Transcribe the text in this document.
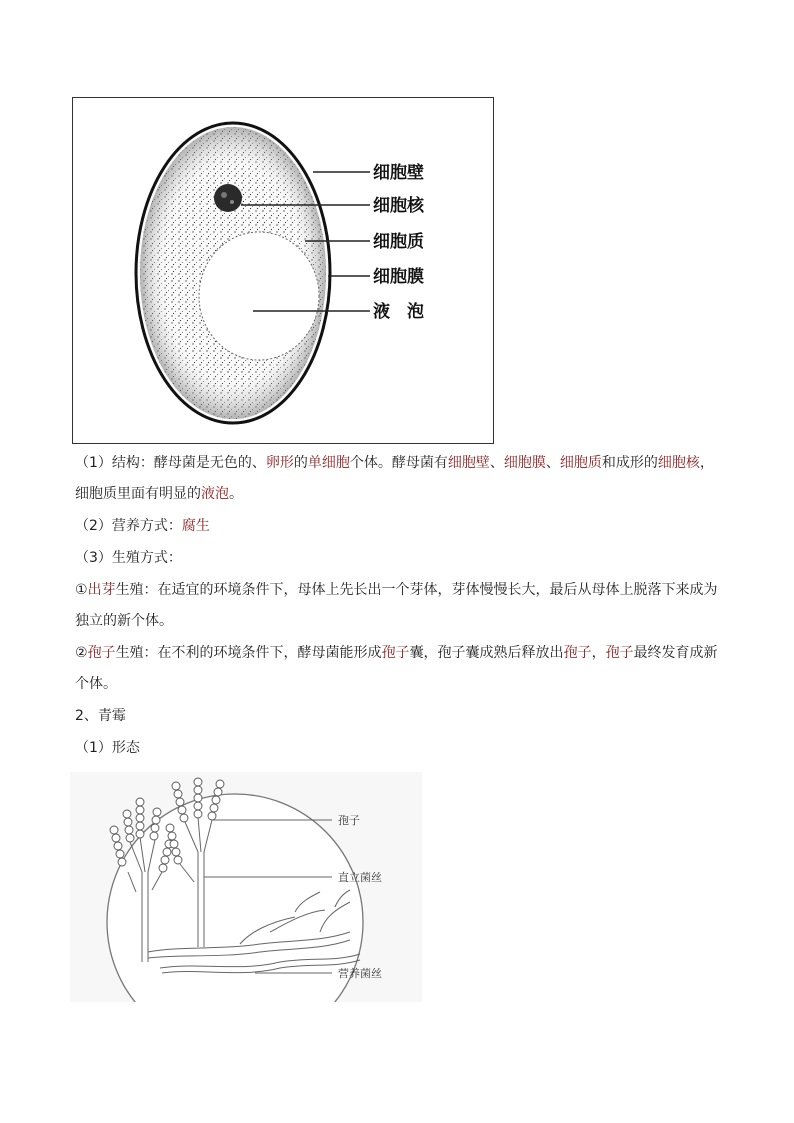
细胞壁
细胞核
细胞质
细胞膜
液　泡
（1）结构：酵母菌是无色的、卵形的单细胞个体。酵母菌有细胞壁、细胞膜、细胞质和成形的细胞核，细胞质里面有明显的液泡。
（2）营养方式：腐生
（3）生殖方式：
①出芽生殖：在适宜的环境条件下，母体上先长出一个芽体，芽体慢慢长大，最后从母体上脱落下来成为独立的新个体。
②孢子生殖：在不利的环境条件下，酵母菌能形成孢子囊，孢子囊成熟后释放出孢子，孢子最终发育成新个体。
2、青霉
（1）形态
孢子
直立菌丝
营养菌丝
